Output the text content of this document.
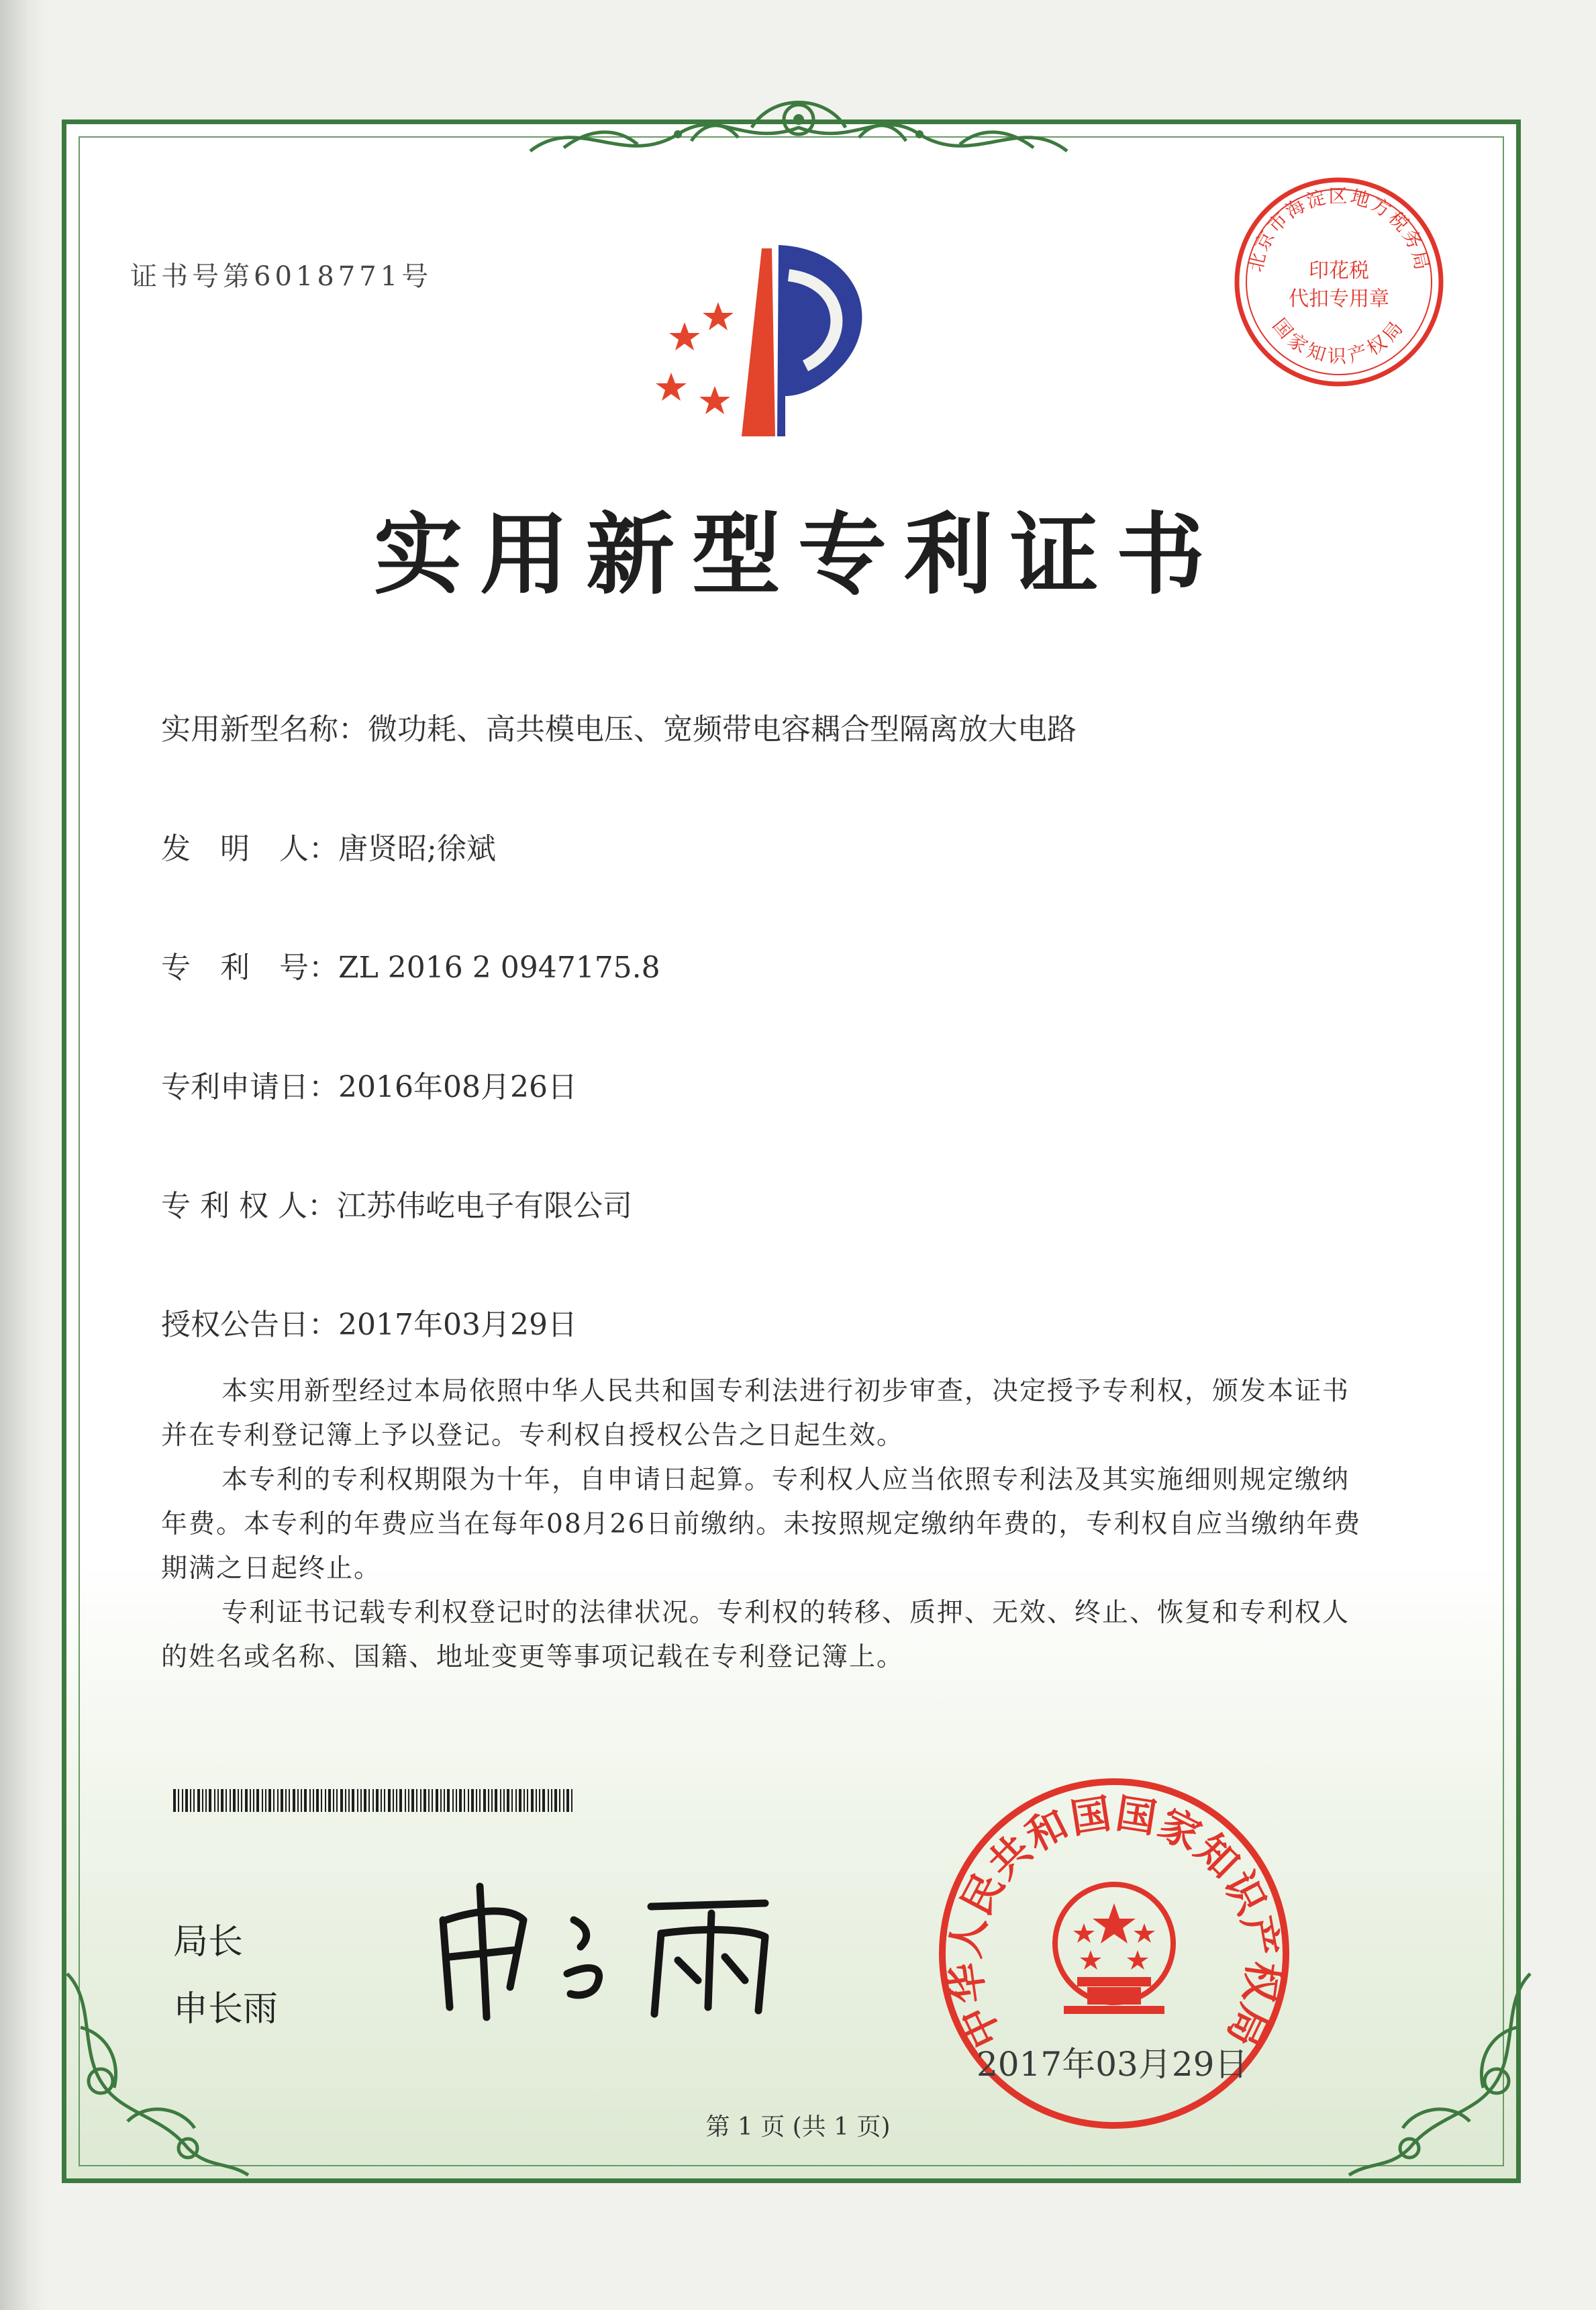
证书号第6018771号	北京市海淀区地方税务局
国家知识产权局
印花税
代扣专用章
实用新型专利证书
实用新型名称：微功耗、高共模电压、宽频带电容耦合型隔离放大电路
发　明　人：唐贤昭;徐斌
专　利　号：ZL 2016 2 0947175.8
专利申请日：2016年08月26日
专 利 权 人：江苏伟屹电子有限公司
授权公告日：2017年03月29日
本实用新型经过本局依照中华人民共和国专利法进行初步审查，决定授予专利权，颁发本证书并在专利登记簿上予以登记。专利权自授权公告之日起生效。
本专利的专利权期限为十年，自申请日起算。专利权人应当依照专利法及其实施细则规定缴纳年费。本专利的年费应当在每年08月26日前缴纳。未按照规定缴纳年费的，专利权自应当缴纳年费期满之日起终止。
专利证书记载专利权登记时的法律状况。专利权的转移、质押、无效、终止、恢复和专利权人的姓名或名称、国籍、地址变更等事项记载在专利登记簿上。
局长
申长雨	中华人民共和国国家知识产权局
2017年03月29日
第 1 页 (共 1 页)
